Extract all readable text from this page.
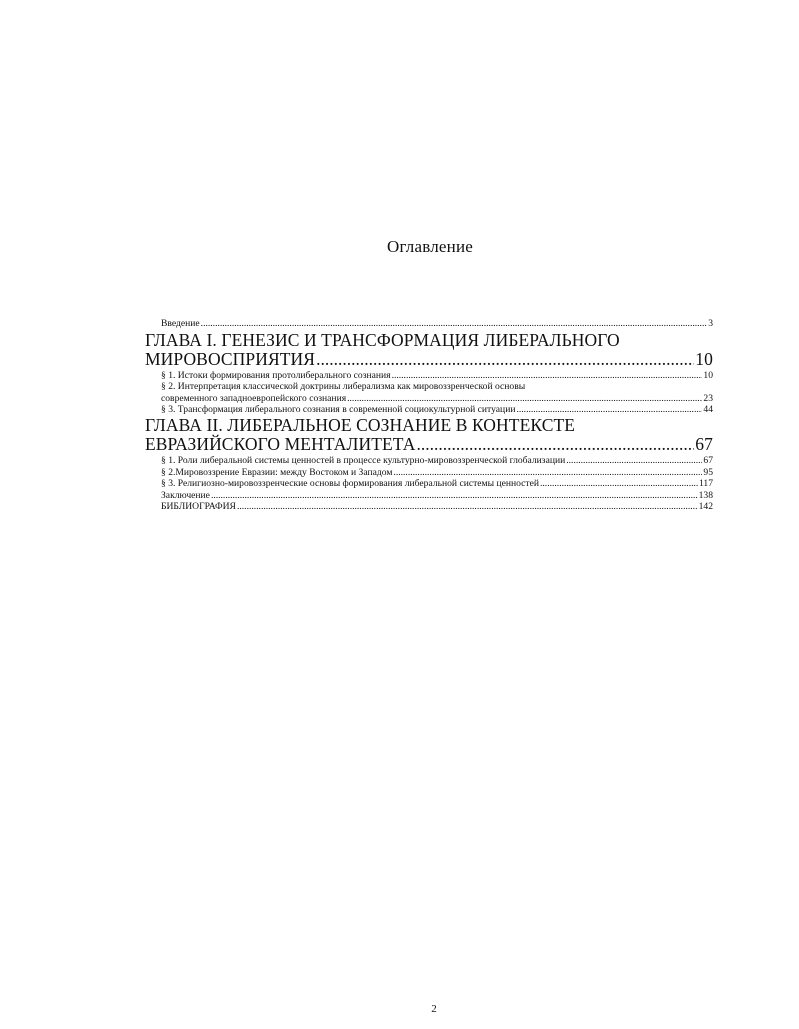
Оглавление
Введение .....	3
ГЛАВА I. ГЕНЕЗИС И ТРАНСФОРМАЦИЯ ЛИБЕРАЛЬНОГО
МИРОВОСПРИЯТИЯ .....	10
§ 1. Истоки формирования протолиберального сознания .....	10
§ 2. Интерпретация классической доктрины либерализма как мировоззренческой основы
современного западноевропейского сознания .....	23
§ 3. Трансформация либерального сознания в современной социокультурной ситуации .....	44
ГЛАВА II. ЛИБЕРАЛЬНОЕ СОЗНАНИЕ В КОНТЕКСТЕ
ЕВРАЗИЙСКОГО МЕНТАЛИТЕТА .....	67
§ 1. Роли либеральной системы ценностей в процессе культурно-мировоззренческой глобализации .....	67
§ 2.Мировоззрение Евразии: между Востоком и Западом .....	95
§ 3. Религиозно-мировоззренческие основы формирования либеральной системы ценностей .....	117
Заключение .....	138
БИБЛИОГРАФИЯ .....	142
2
